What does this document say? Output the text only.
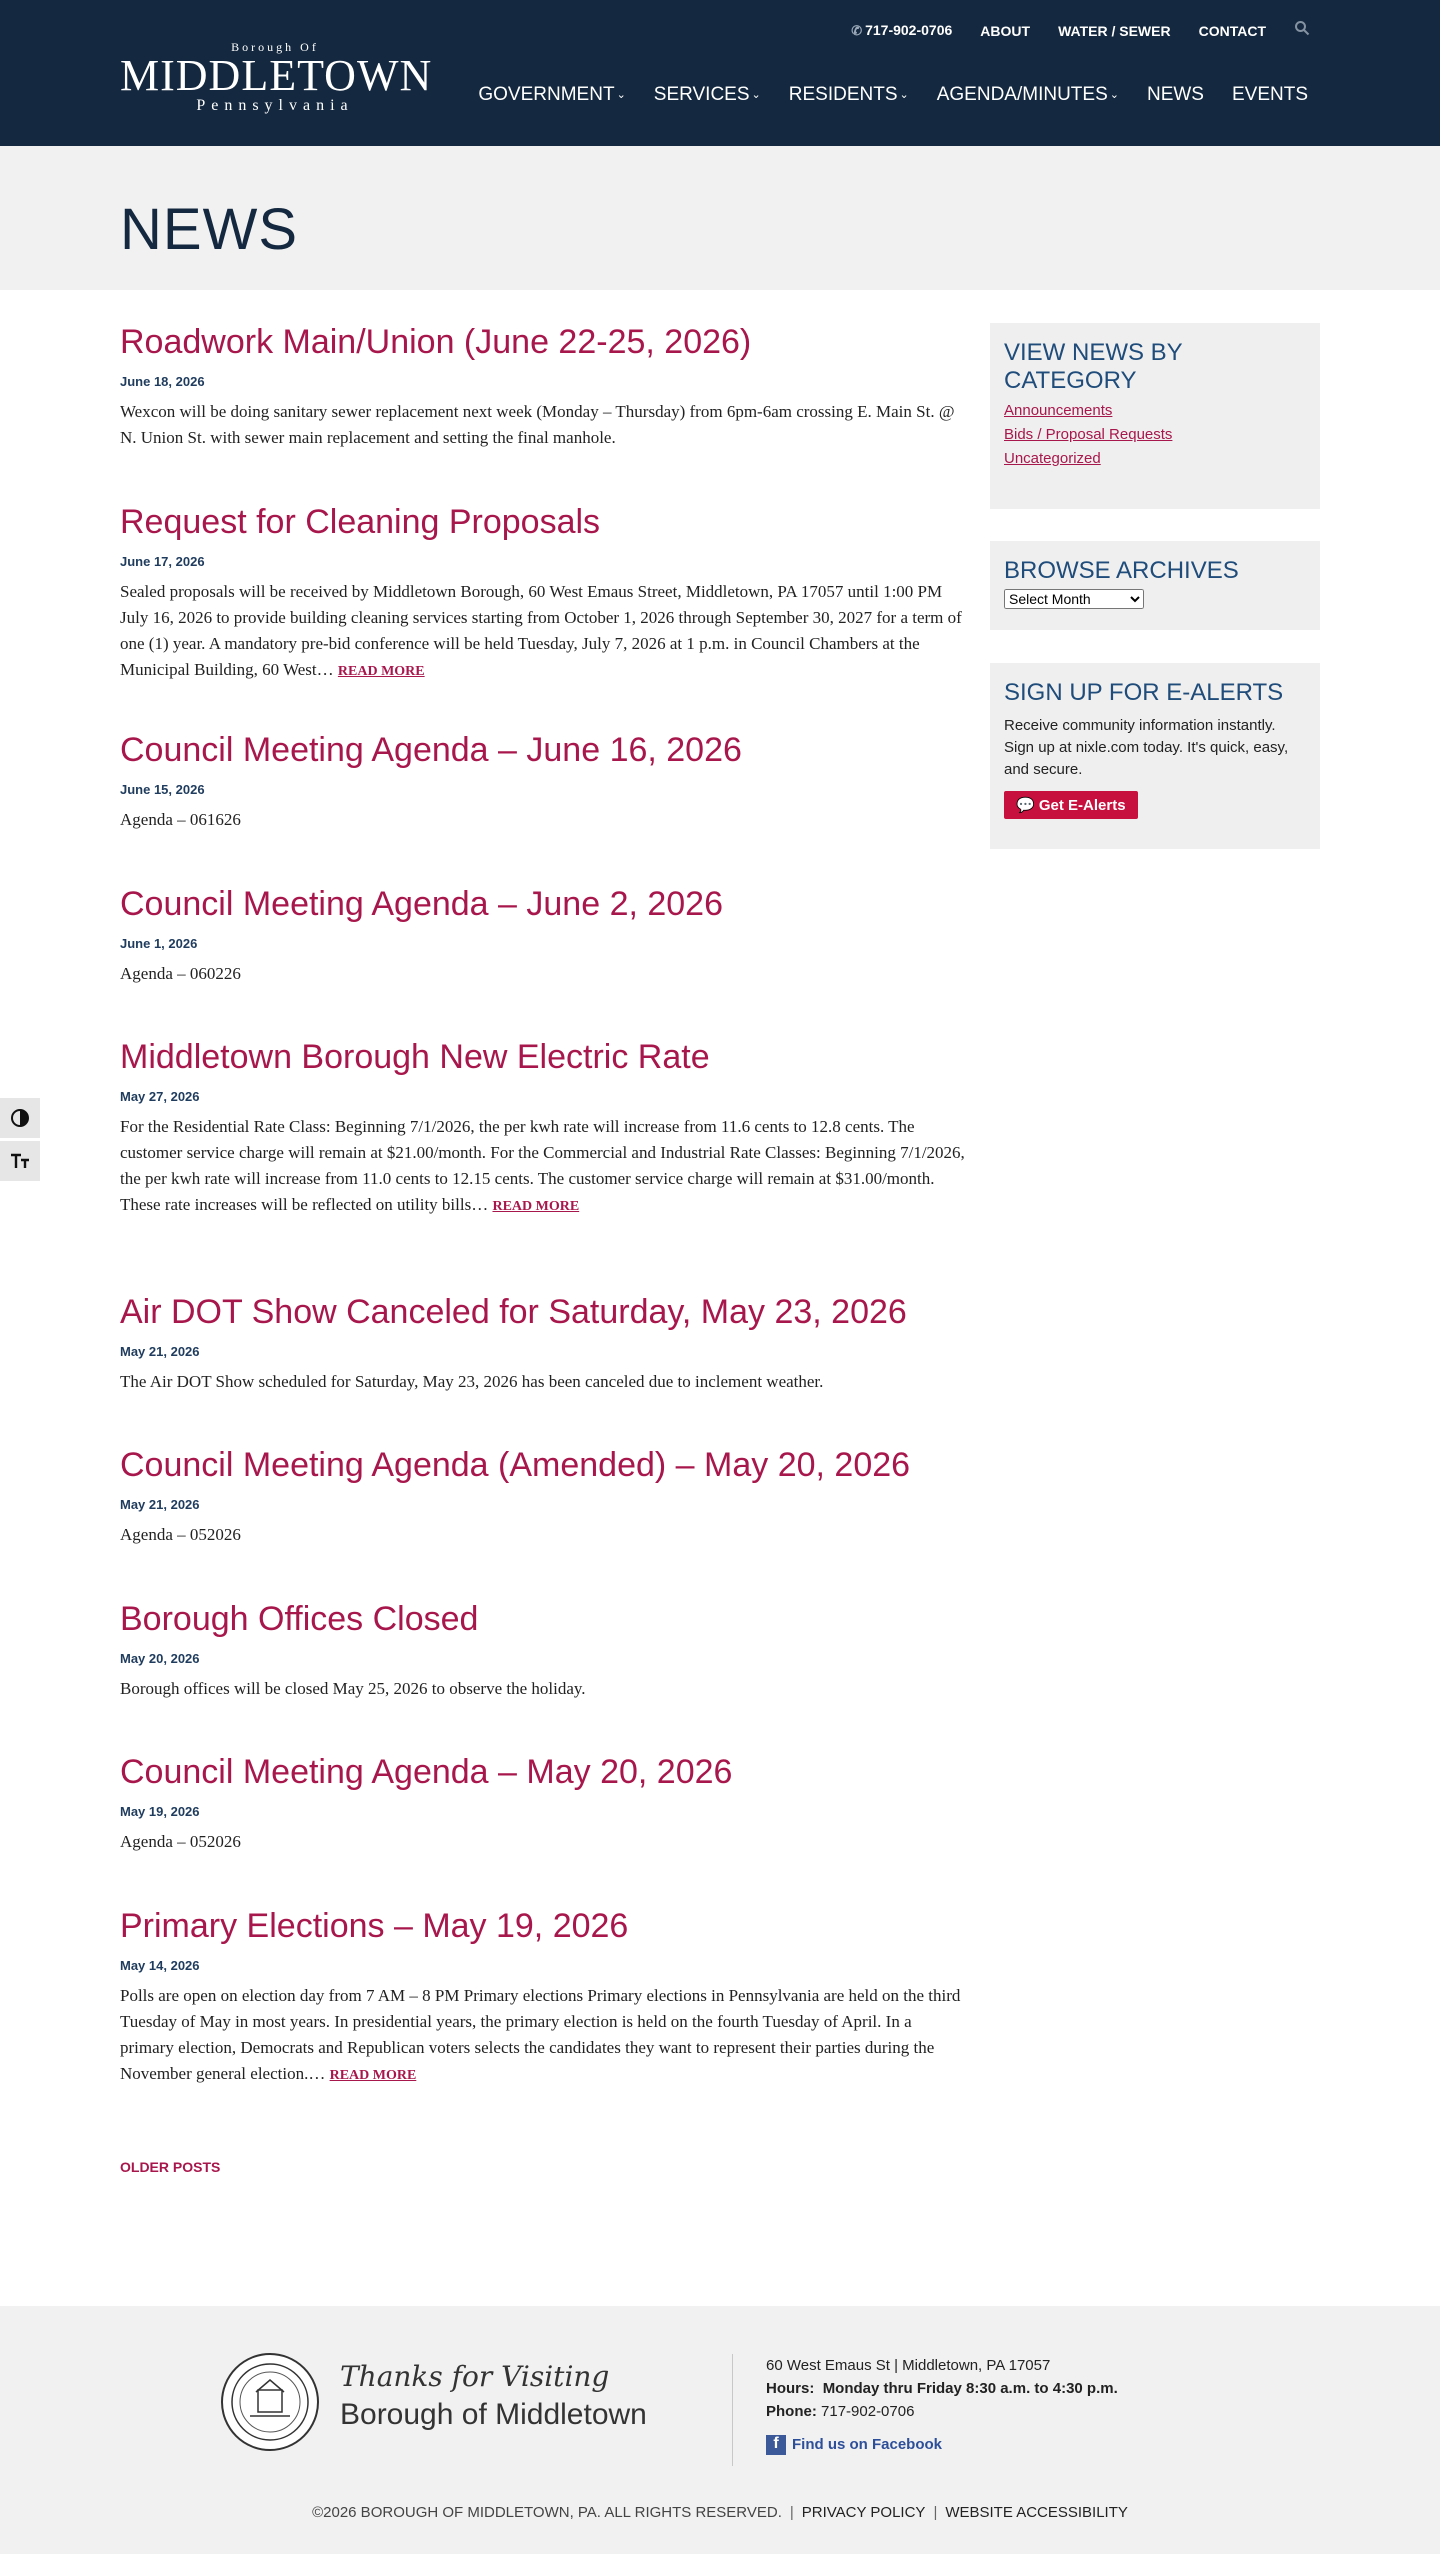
Borough Of
MIDDLETOWN
Pennsylvania
✆ 717-902-0706 ABOUT WATER / SEWER CONTACT
GOVERNMENT ⌄ SERVICES ⌄ RESIDENTS ⌄ AGENDA/MINUTES ⌄ NEWS EVENTS
NEWS
Roadwork Main/Union (June 22-25, 2026)
June 18, 2026

Wexcon will be doing sanitary sewer replacement next week (Monday – Thursday) from 6pm-6am crossing E. Main St. @ N. Union St. with sewer main replacement and setting the final manhole.

Request for Cleaning Proposals
June 17, 2026

Sealed proposals will be received by Middletown Borough, 60 West Emaus Street, Middletown, PA 17057 until 1:00 PM July 16, 2026 to provide building cleaning services starting from October 1, 2026 through September 30, 2027 for a term of one (1) year. A mandatory pre-bid conference will be held Tuesday, July 7, 2026 at 1 p.m. in Council Chambers at the Municipal Building, 60 West… READ MORE

Council Meeting Agenda – June 16, 2026
June 15, 2026

Agenda – 061626

Council Meeting Agenda – June 2, 2026
June 1, 2026

Agenda – 060226

Middletown Borough New Electric Rate
May 27, 2026

For the Residential Rate Class: Beginning 7/1/2026, the per kwh rate will increase from 11.6 cents to 12.8 cents. The customer service charge will remain at $21.00/month. For the Commercial and Industrial Rate Classes: Beginning 7/1/2026, the per kwh rate will increase from 11.0 cents to 12.15 cents. The customer service charge will remain at $31.00/month. These rate increases will be reflected on utility bills… READ MORE

Air DOT Show Canceled for Saturday, May 23, 2026
May 21, 2026

The Air DOT Show scheduled for Saturday, May 23, 2026 has been canceled due to inclement weather.

Council Meeting Agenda (Amended) – May 20, 2026
May 21, 2026

Agenda – 052026

Borough Offices Closed
May 20, 2026

Borough offices will be closed May 25, 2026 to observe the holiday.

Council Meeting Agenda – May 20, 2026
May 19, 2026

Agenda – 052026

Primary Elections – May 19, 2026
May 14, 2026

Polls are open on election day from 7 AM – 8 PM Primary elections Primary elections in Pennsylvania are held on the third Tuesday of May in most years. In presidential years, the primary election is held on the fourth Tuesday of April. In a primary election, Democrats and Republican voters selects the candidates they want to represent their parties during the November general election.… READ MORE

OLDER POSTS
VIEW NEWS BY CATEGORY
Announcements
Bids / Proposal Requests
Uncategorized
BROWSE ARCHIVES
Select Month
SIGN UP FOR E-ALERTS

Receive community information instantly. Sign up at nixle.com today. It's quick, easy, and secure.

💬 Get E-Alerts
Thanks for Visiting
Borough of Middletown
60 West Emaus St | Middletown, PA 17057
Hours: Monday thru Friday 8:30 a.m. to 4:30 p.m.
Phone: 717-902-0706
f Find us on Facebook
©2026 BOROUGH OF MIDDLETOWN, PA. ALL RIGHTS RESERVED. | PRIVACY POLICY | WEBSITE ACCESSIBILITY
